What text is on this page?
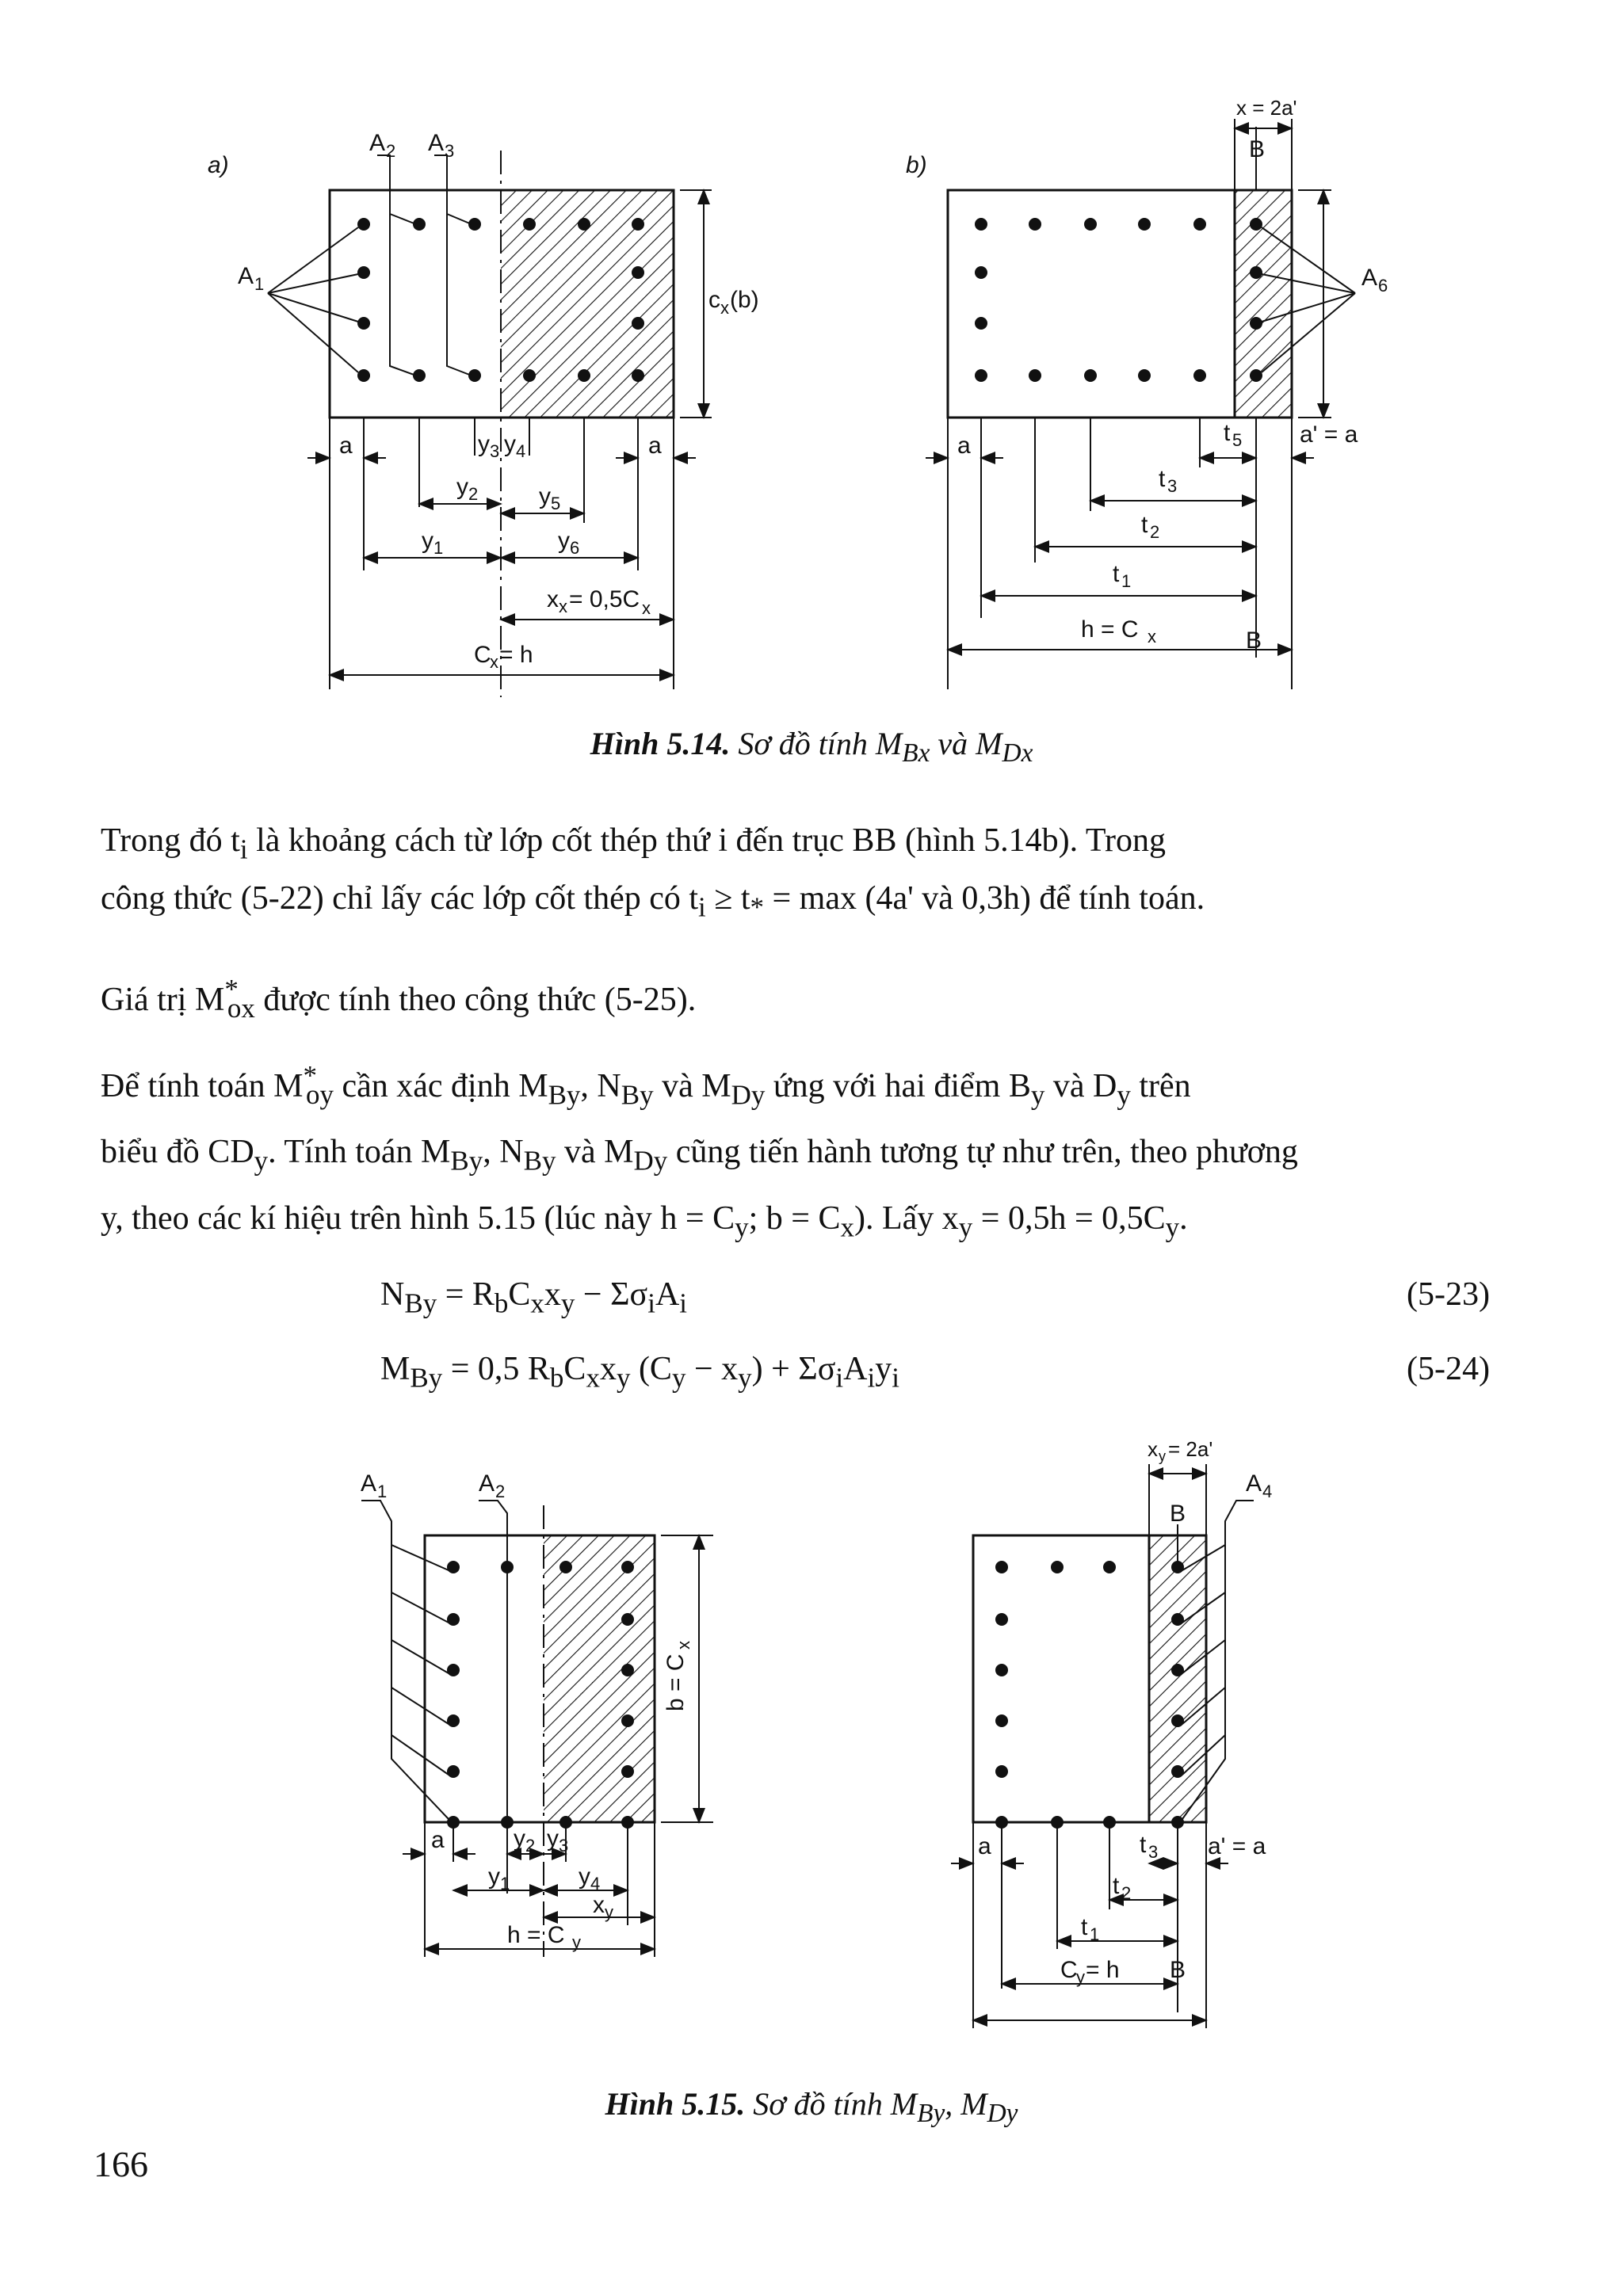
a)
A 2 A 3
A 1
c x (b)
a	a
y 3 y 4
y 2	y 5
y 1	y 6
x x = 0,5C x
C
x = h
b)
x = 2a'
B
A 6
a	t 5 a' = a
t 3
t 2
t 1
h = C x	B
A 1	A 2
b = C
x
a	y 2 y 3
y 1	y 4
x y
h = C y
x y = 2a'
B
A 4
a	t 3 a' = a
t 2
t 1
C
y = h B
Hình 5.14. Sơ đồ tính $M_{Bx}$ và $M_{Dx}$
Trong đó $t_i$ là khoảng cách từ lớp cốt thép thứ i đến trục BB (hình 5.14b). Trong
công thức (5-22) chỉ lấy các lớp cốt thép có $t_i \ge t_* = \max (4a'$ và 0,3h) để tính toán.
Giá trị $M^*_{ox}$ được tính theo công thức (5-25).
Để tính toán $M^*_{oy}$ cần xác định $M_{By}$, $N_{By}$ và $M_{Dy}$ ứng với hai điểm $B_y$ và $D_y$ trên
biểu đồ $CD_y$. Tính toán $M_{By}$, $N_{By}$ và $M_{Dy}$ cũng tiến hành tương tự như trên, theo phương
y, theo các kí hiệu trên hình 5.15 (lúc này $h = C_y$; $b = C_x$). Lấy $x_y = 0,5h = 0,5C_y$.
$N_{By} = R_bC_xx_y - \Sigma\sigma_iA_i$	(5-23)
$M_{By} = 0,5$ $R_bC_xx_y$ $(C_y - x_y) + \Sigma\sigma_iA_iy_i$	(5-24)
Hình 5.15. Sơ đồ tính $M_{By}$, $M_{Dy}$
166
